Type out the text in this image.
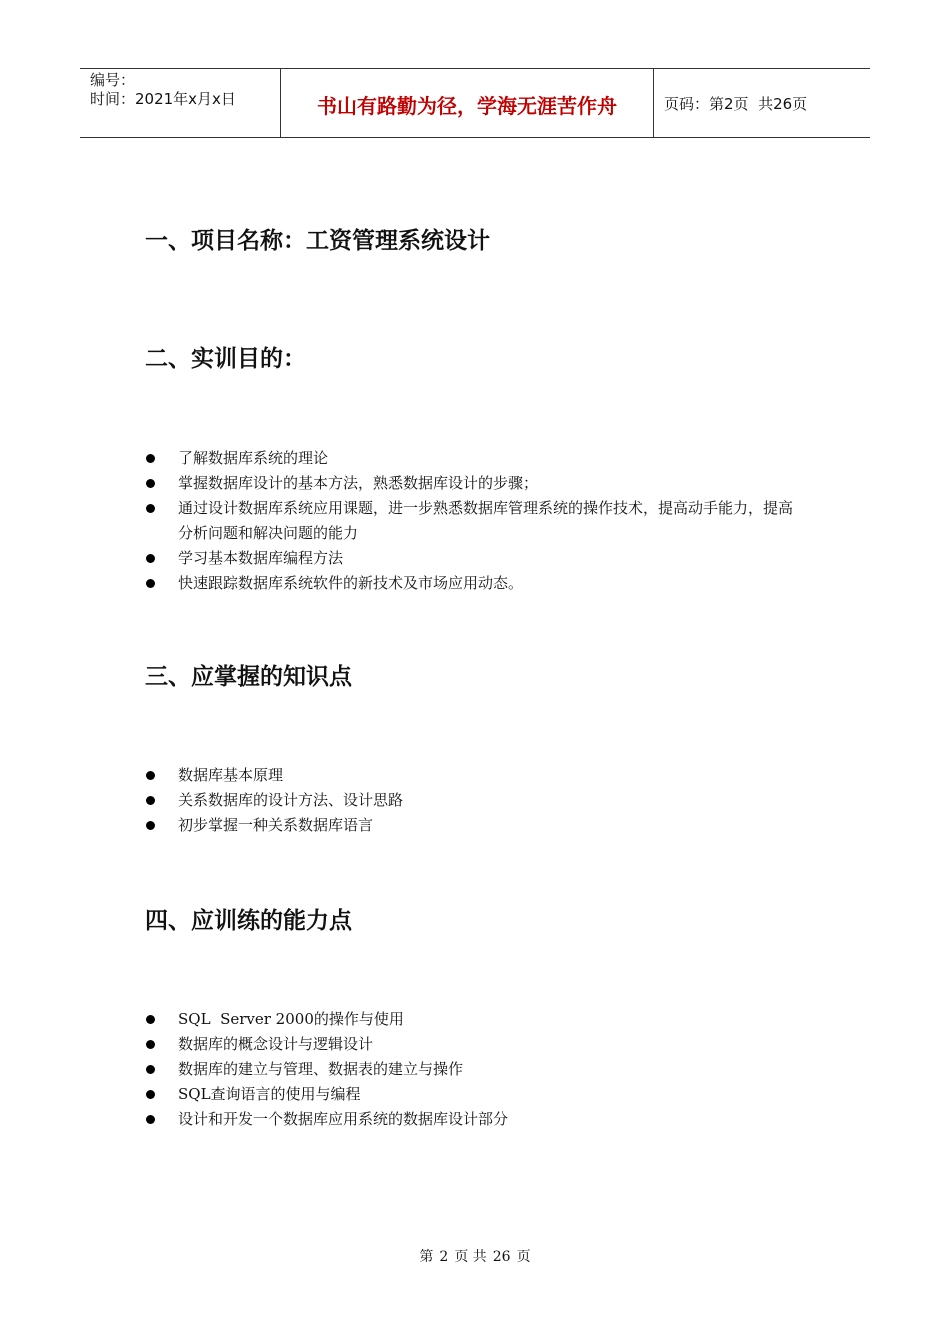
编号：
时间：2021年x月x日	书山有路勤为径，学海无涯苦作舟	页码：第2页  共26页
一、项目名称：工资管理系统设计
二、实训目的：
了解数据库系统的理论
掌握数据库设计的基本方法，熟悉数据库设计的步骤；
通过设计数据库系统应用课题，进一步熟悉数据库管理系统的操作技术，提高动手能力，提高分析问题和解决问题的能力
学习基本数据库编程方法
快速跟踪数据库系统软件的新技术及市场应用动态。
三、应掌握的知识点
数据库基本原理
关系数据库的设计方法、设计思路
初步掌握一种关系数据库语言
四、应训练的能力点
SQL  Server 2000的操作与使用
数据库的概念设计与逻辑设计
数据库的建立与管理、数据表的建立与操作
SQL查询语言的使用与编程
设计和开发一个数据库应用系统的数据库设计部分
第 2 页 共 26 页
